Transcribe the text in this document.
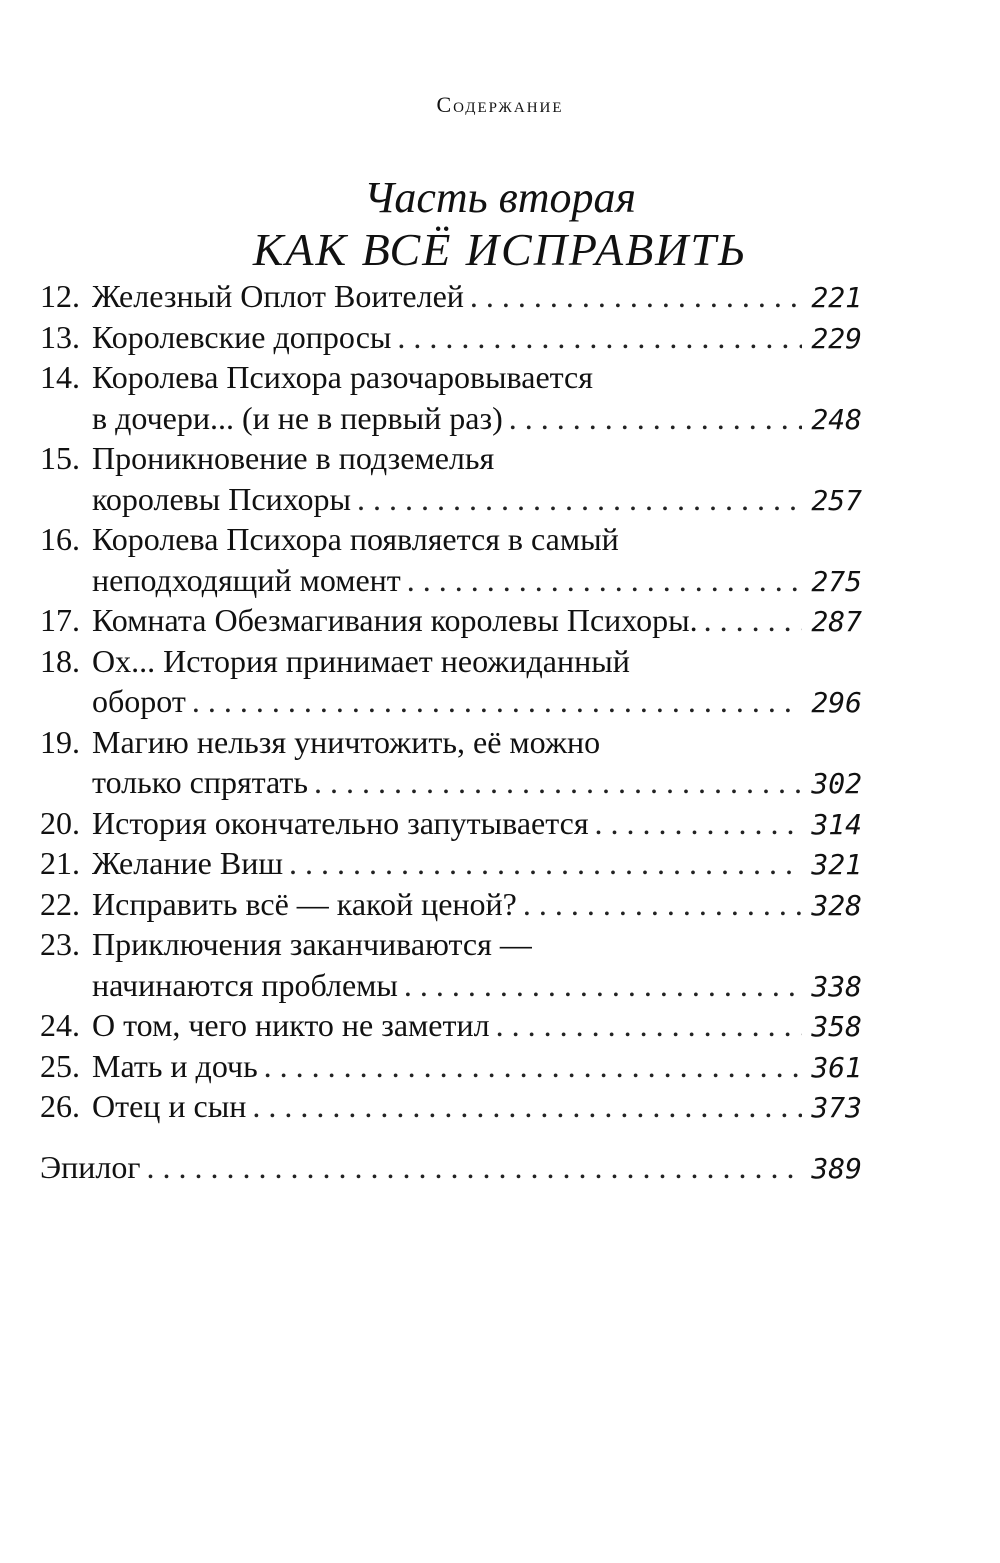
Содержание
Часть вторая
КАК ВСЁ ИСПРАВИТЬ
12. Железный Оплот Воителей . . .	221
13. Королевские допросы . . .	229
14. Королева Психора разочаровывается
в дочери... (и не в первый раз) . . .	248
15. Проникновение в подземелья
королевы Психоры . . .	257
16. Королева Психора появляется в самый
неподходящий момент . . .	275
17. Комната Обезмагивания королевы Психоры. . . .	287
18. Ох... История принимает неожиданный
оборот . . .	296
19. Магию нельзя уничтожить, её можно
только спрятать . . .	302
20. История окончательно запутывается . . .	314
21. Желание Виш . . .	321
22. Исправить всё — какой ценой? . . .	328
23. Приключения заканчиваются —
начинаются проблемы . . .	338
24. О том, чего никто не заметил . . .	358
25. Мать и дочь . . .	361
26. Отец и сын . . .	373
Эпилог . . .	389
